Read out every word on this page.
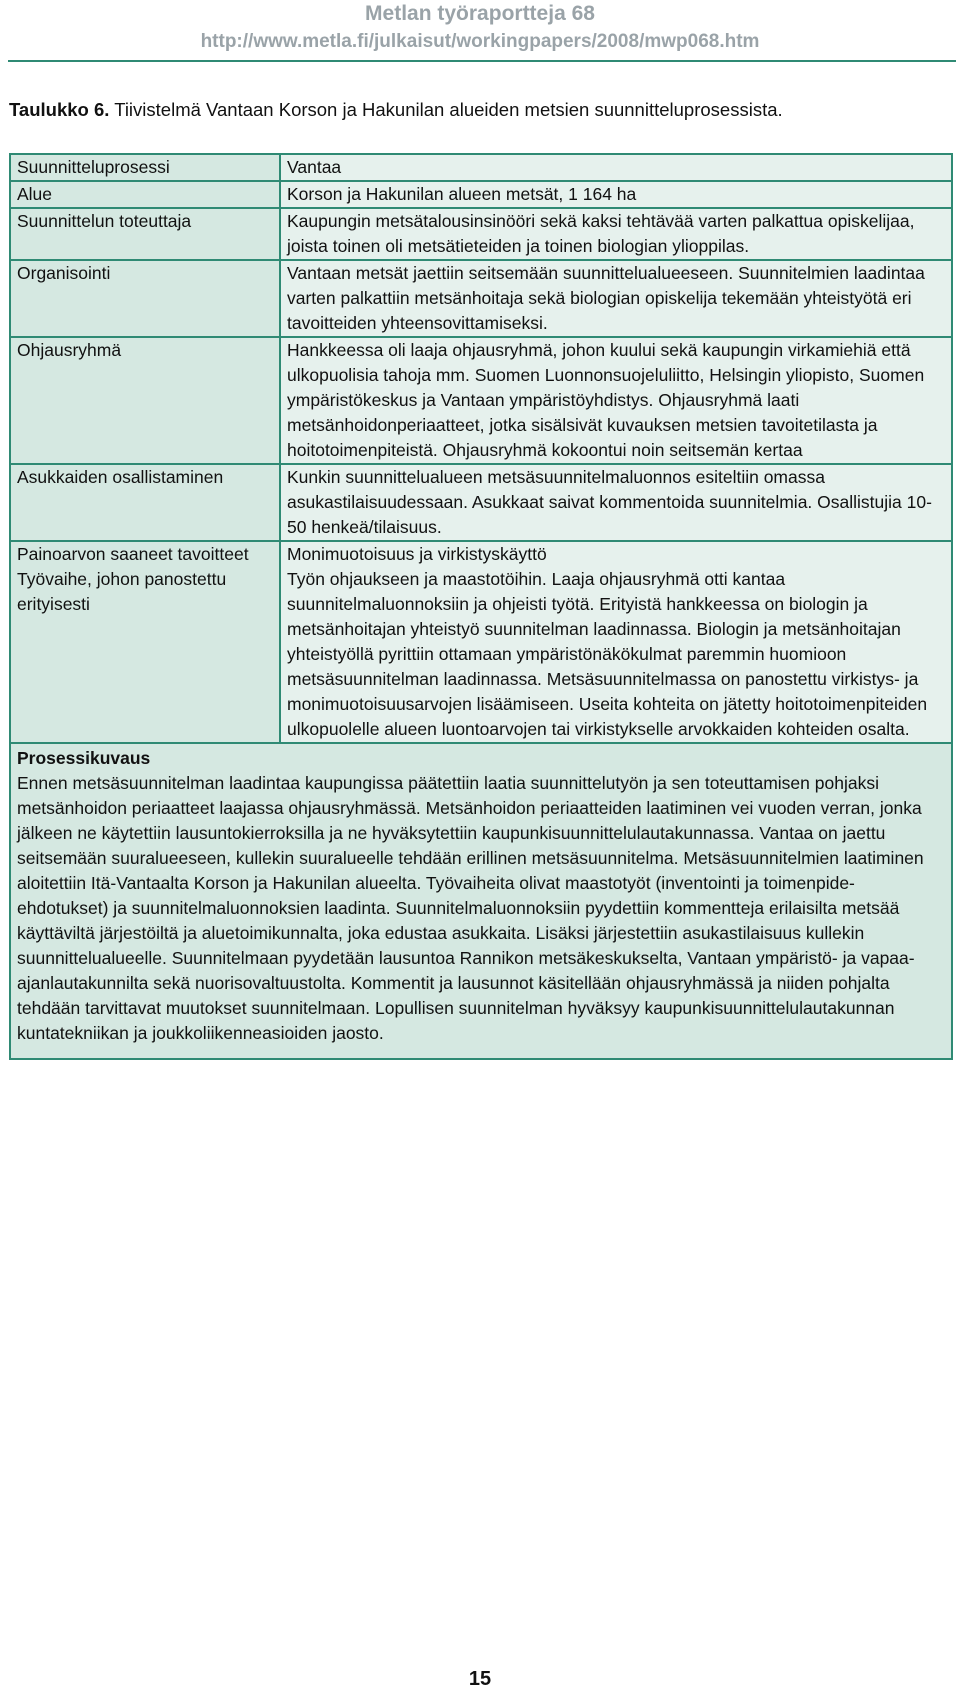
Metlan työraportteja 68
http://www.metla.fi/julkaisut/workingpapers/2008/mwp068.htm
Taulukko 6. Tiivistelmä Vantaan Korson ja Hakunilan alueiden metsien suunnitteluprosessista.
Suunnitteluprosessi	Vantaa
Alue	Korson ja Hakunilan alueen metsät, 1 164 ha
Suunnittelun toteuttaja	Kaupungin metsätalousinsinööri sekä kaksi tehtävää varten palkattua opiskelijaa, joista toinen oli metsätieteiden ja toinen biologian ylioppilas.
Organisointi	Vantaan metsät jaettiin seitsemään suunnittelualueeseen. Suunnitelmien laadintaa varten palkattiin metsänhoitaja sekä biologian opiskelija tekemään yhteistyötä eri tavoitteiden yhteensovittamiseksi.
Ohjausryhmä	Hankkeessa oli laaja ohjausryhmä, johon kuului sekä kaupungin virkamiehiä että ulkopuolisia tahoja mm. Suomen Luonnonsuojeluliitto, Helsingin yliopisto, Suomen ympäristökeskus ja Vantaan ympäristöyhdistys. Ohjausryhmä laati metsänhoidonperiaatteet, jotka sisälsivät kuvauksen metsien tavoitetilasta ja hoitotoimenpiteistä. Ohjausryhmä kokoontui noin seitsemän kertaa
Asukkaiden osallistaminen	Kunkin suunnittelualueen metsäsuunnitelmaluonnos esiteltiin omassa asukastilaisuudessaan. Asukkaat saivat kommentoida suunnitelmia. Osallistujia 10-50 henkeä/tilaisuus.
Painoarvon saaneet tavoitteet	Monimuotoisuus ja virkistyskäyttö
Työvaihe, johon panostettu erityisesti	Työn ohjaukseen ja maastotöihin. Laaja ohjausryhmä otti kantaa suunnitelmaluonnoksiin ja ohjeisti työtä. Erityistä hankkeessa on biologin ja metsänhoitajan yhteistyö suunnitelman laadinnassa. Biologin ja metsänhoitajan yhteistyöllä pyrittiin ottamaan ympäristönäkökulmat paremmin huomioon metsäsuunnitelman laadinnassa. Metsäsuunnitelmassa on panostettu virkistys- ja monimuotoisuusarvojen lisäämiseen. Useita kohteita on jätetty hoitotoimenpiteiden ulkopuolelle alueen luontoarvojen tai virkistykselle arvokkaiden kohteiden osalta.

Prosessikuvaus
Ennen metsäsuunnitelman laadintaa kaupungissa päätettiin laatia suunnittelutyön ja sen toteuttamisen pohjaksi metsänhoidon periaatteet laajassa ohjausryhmässä. Metsänhoidon periaatteiden laatiminen vei vuoden verran, jonka jälkeen ne käytettiin lausuntokierroksilla ja ne hyväksytettiin kaupunkisuunnittelulautakunnassa. Vantaa on jaettu seitsemään suuralueeseen, kullekin suuralueelle tehdään erillinen metsäsuunnitelma. Metsäsuunnitelmien laatiminen aloitettiin Itä-Vantaalta Korson ja Hakunilan alueelta. Työvaiheita olivat maastotyöt (inventointi ja toimenpide-ehdotukset) ja suunnitelmaluonnoksien laadinta. Suunnitelmaluonnoksiin pyydettiin kommentteja erilaisilta metsää käyttäviltä järjestöiltä ja aluetoimikunnalta, joka edustaa asukkaita. Lisäksi järjestettiin asukastilaisuus kullekin suunnittelualueelle. Suunnitelmaan pyydetään lausuntoa Rannikon metsäkeskukselta, Vantaan ympäristö- ja vapaa-ajanlautakunnilta sekä nuorisovaltuustolta. Kommentit ja lausunnot käsitellään ohjausryhmässä ja niiden pohjalta tehdään tarvittavat muutokset suunnitelmaan. Lopullisen suunnitelman hyväksyy kaupunkisuunnittelulautakunnan kuntatekniikan ja joukkoliikenneasioiden jaosto.	
15
